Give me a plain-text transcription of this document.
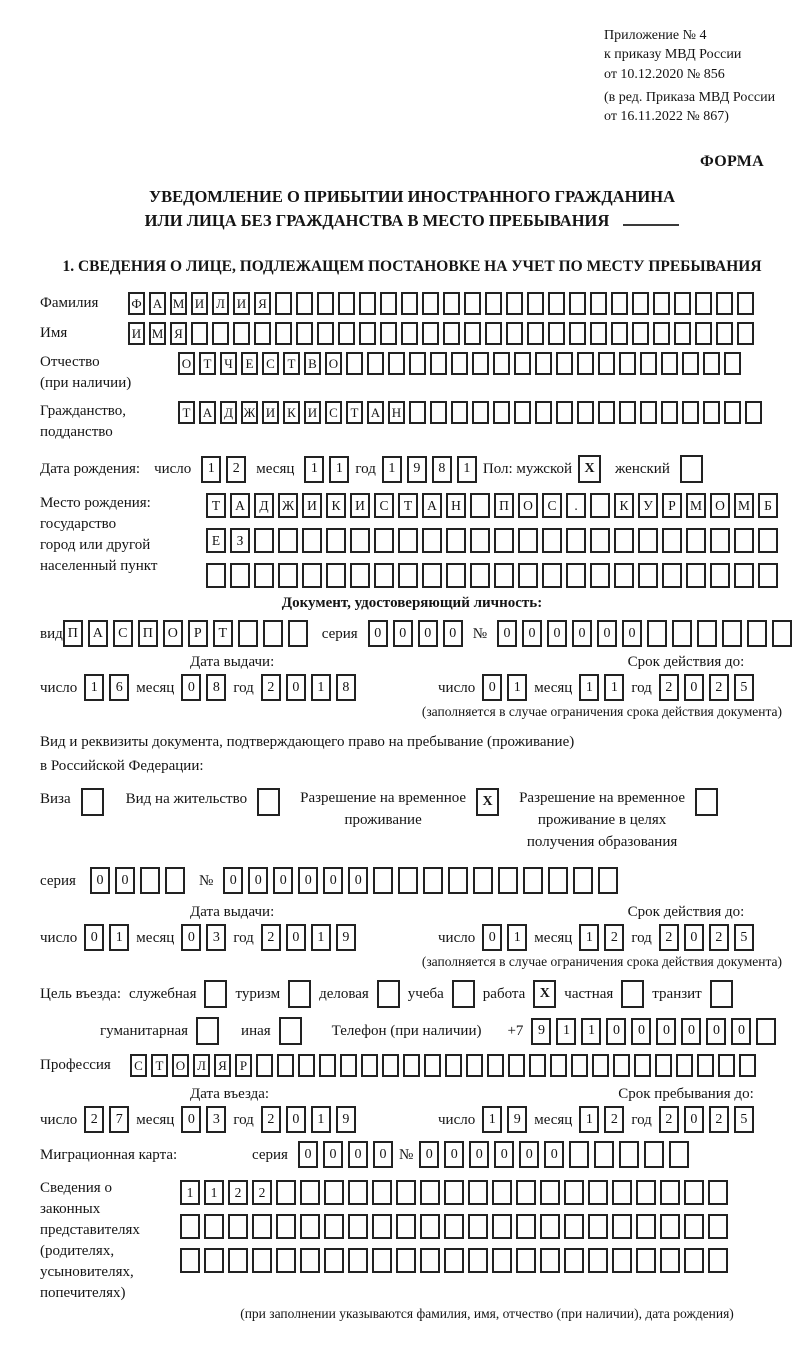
Приложение № 4
к приказу МВД России
от 10.12.2020 № 856
(в ред. Приказа МВД России
от 16.11.2022 № 867)
ФОРМА
УВЕДОМЛЕНИЕ О ПРИБЫТИИ ИНОСТРАННОГО ГРАЖДАНИНА
ИЛИ ЛИЦА БЕЗ ГРАЖДАНСТВА В МЕСТО ПРЕБЫВАНИЯ
1. СВЕДЕНИЯ О ЛИЦЕ, ПОДЛЕЖАЩЕМ ПОСТАНОВКЕ НА УЧЕТ ПО МЕСТУ ПРЕБЫВАНИЯ
Фамилия	Ф А М И Л И Я
Имя	И М Я
Отчество
(при наличии)
О Т Ч Е С Т В О
Гражданство,
подданство
Т А Д Ж И К И С Т А Н
Дата рождения: число	1	2	месяц	1	1 год 1	9	8	1 Пол: мужской X	женский
Место рождения:
государство
город или другой
населенный пункт
Т	А	Д Ж И	К	И	С	Т	А	Н	П	О	С	.	К	У	Р	М О М	Б
Е	З
Документ, удостоверяющий личность:
вид П	А	С	П	О	Р	Т	серия	0	0	0	0	№	0	0	0	0	0	0
Дата выдачи:	Срок действия до:
число 1	6 месяц 0	8 год 2	0	1	8	число 0	1 месяц 1	1 год 2	0	2	5
(заполняется в случае ограничения срока действия документа)
Вид и реквизиты документа, подтверждающего право на пребывание (проживание)
в Российской Федерации:
Виза	Вид на жительство	Разрешение на временное
проживание
X	Разрешение на временное
проживание в целях
получения образования
серия	0	0	№	0	0	0	0	0	0
Дата выдачи:	Срок действия до:
число 0	1 месяц 0	3 год 2	0	1	9	число 0	1 месяц 1	2 год 2	0	2	5
(заполняется в случае ограничения срока действия документа)
Цель въезда: служебная	туризм	деловая	учеба	работа	X частная	транзит
гуманитарная	иная	Телефон (при наличии) +7	9	1	1	0	0	0	0	0	0
Профессия	С Т О Л Я	Р
Дата въезда:	Срок пребывания до:
число 2	7 месяц 0	3 год 2	0	1	9	число 1	9 месяц 1	2 год 2	0	2	5
Миграционная карта:	серия	0	0	0	0 № 0	0	0	0	0	0
Сведения о
законных
представителях
(родителях,
усыновителях,
попечителях)
1	1	2	2
(при заполнении указываются фамилия, имя, отчество (при наличии), дата рождения)
